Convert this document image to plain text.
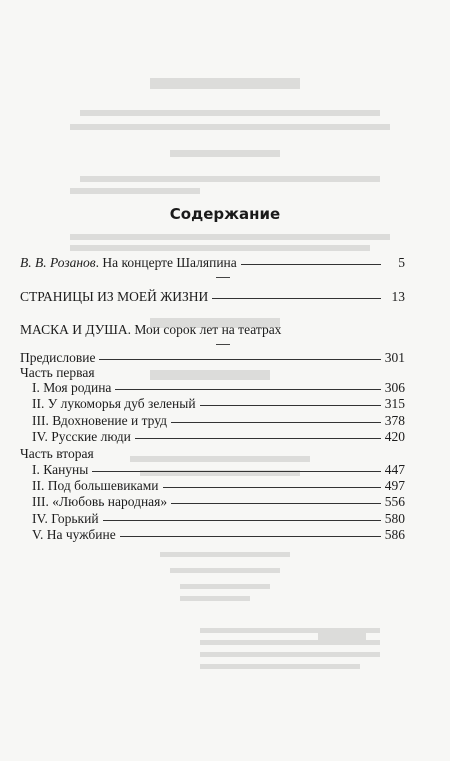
Содержание
В. В. Розанов. На концерте Шаляпина	5
СТРАНИЦЫ ИЗ МОЕЙ ЖИЗНИ	13
МАСКА И ДУША. Мои сорок лет на театрах
Предисловие	301
Часть первая
I. Моя родина	306
II. У лукоморья дуб зеленый	315
III. Вдохновение и труд	378
IV. Русские люди	420
Часть вторая
I. Кануны	447
II. Под большевиками	497
III. «Любовь народная»	556
IV. Горький	580
V. На чужбине	586
